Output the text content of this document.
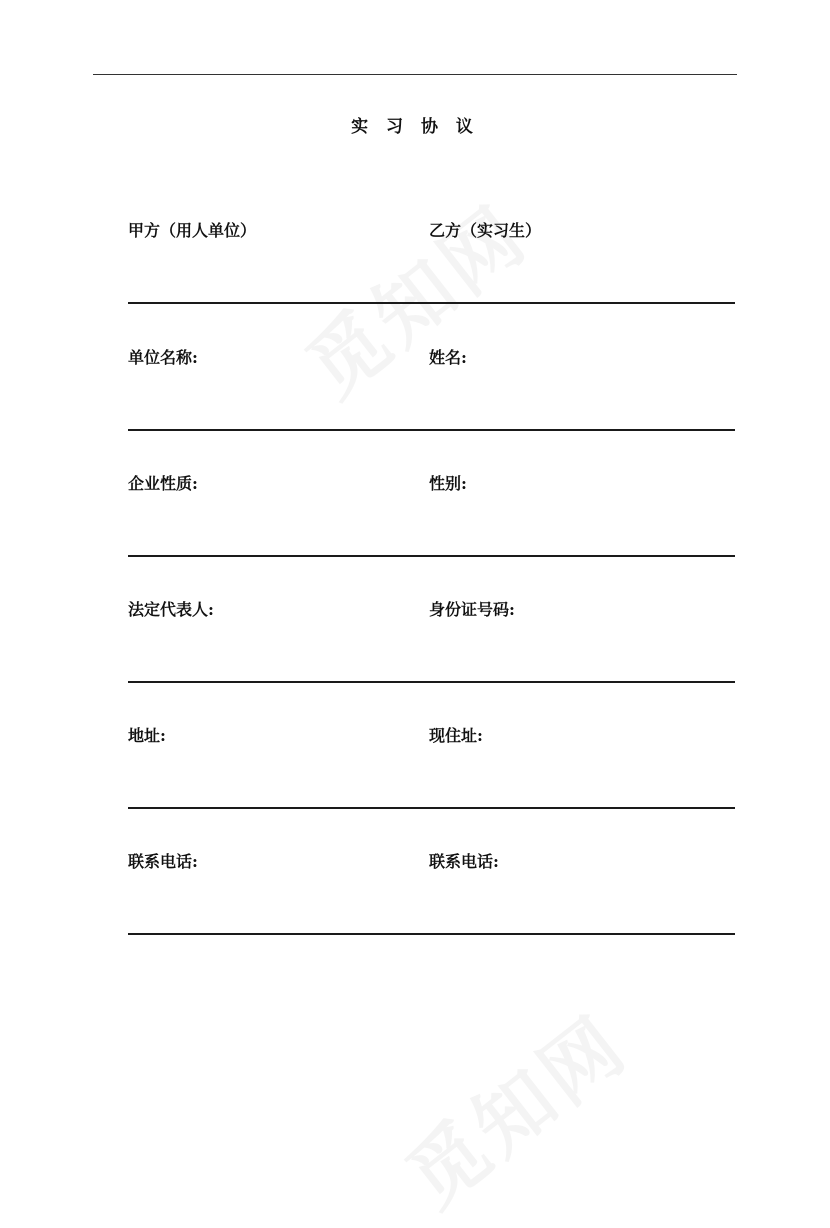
实 习 协 议
甲方（用人单位）	乙方（实习生）
单位名称:	姓名:
企业性质:	性别:
法定代表人:	身份证号码:
地址:	现住址:
联系电话:	联系电话:
